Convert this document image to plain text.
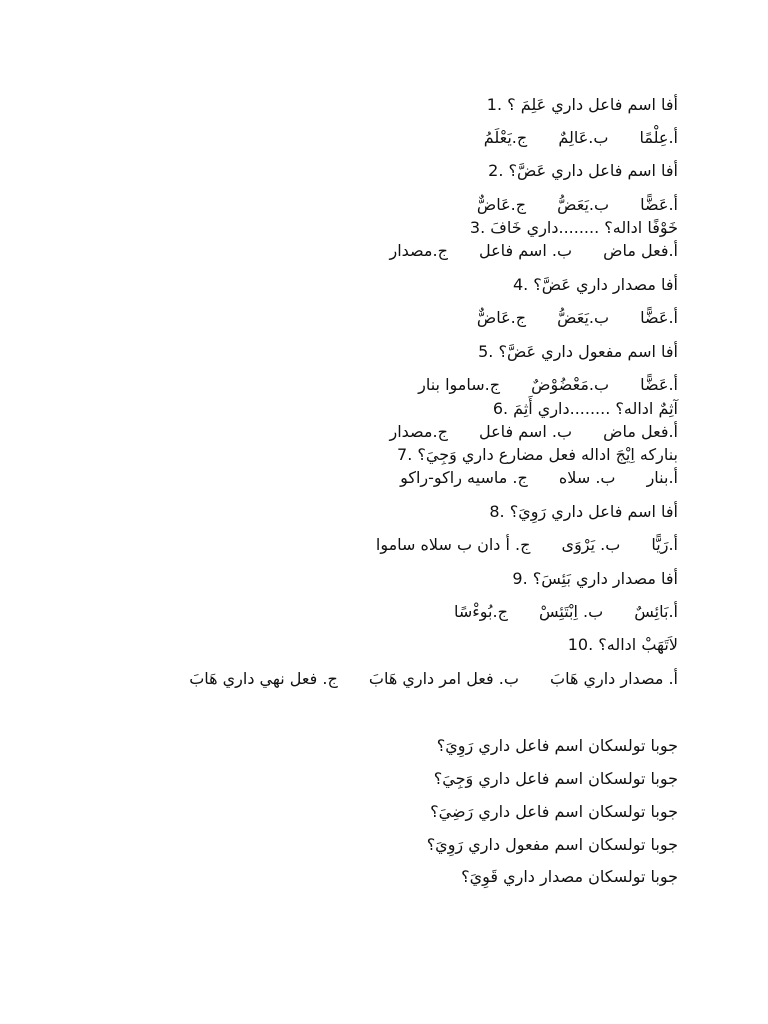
أفا اسم فاعل داري عَلِمَ ؟ .1
أ.عِلْمًا ب.عَالِمٌ ج.يَعْلَمُ
أفا اسم فاعل داري عَضَّ؟ .2
أ.عَضًّا ب.يَعَضُّ ج.عَاضٌّ
خَوْفًا اداله؟ ........داري خَافَ .3
أ.فعل ماض ب. اسم فاعل ج.مصدار
أفا مصدار داري عَضَّ؟ .4
أ.عَضًّا ب.يَعَضُّ ج.عَاضٌّ
أفا اسم مفعول داري عَضَّ؟ .5
أ.عَضًّا ب.مَعْضُوْضٌ ج.ساموا بنار
آثِمٌ اداله؟ ........داري أَثِمَ .6
أ.فعل ماض ب. اسم فاعل ج.مصدار
بناركه اِيْجَ اداله فعل مضارع داري وَجِيَ؟ .7
أ.بنار ب. سلاه ج. ماسيه راكو-راكو
أفا اسم فاعل داري رَوِيَ؟ .8
أ.رَيًّا ب. يَرْوَى ج. أ دان ب سلاه ساموا
أفا مصدار داري بَئِسَ؟ .9
أ.بَائِسٌ ب. اِبْتَئِسْ ج.بُوءْسًا
لاَتَهَبْ اداله؟ .10
أ. مصدار داري هَابَ ب. فعل امر داري هَابَ ج. فعل نهي داري هَابَ
جوبا تولسكان اسم فاعل داري رَوِيَ؟
جوبا تولسكان اسم فاعل داري وَجِيَ؟
جوبا تولسكان اسم فاعل داري رَضِيَ؟
جوبا تولسكان اسم مفعول داري رَوِيَ؟
جوبا تولسكان مصدار داري قَوِيَ؟
